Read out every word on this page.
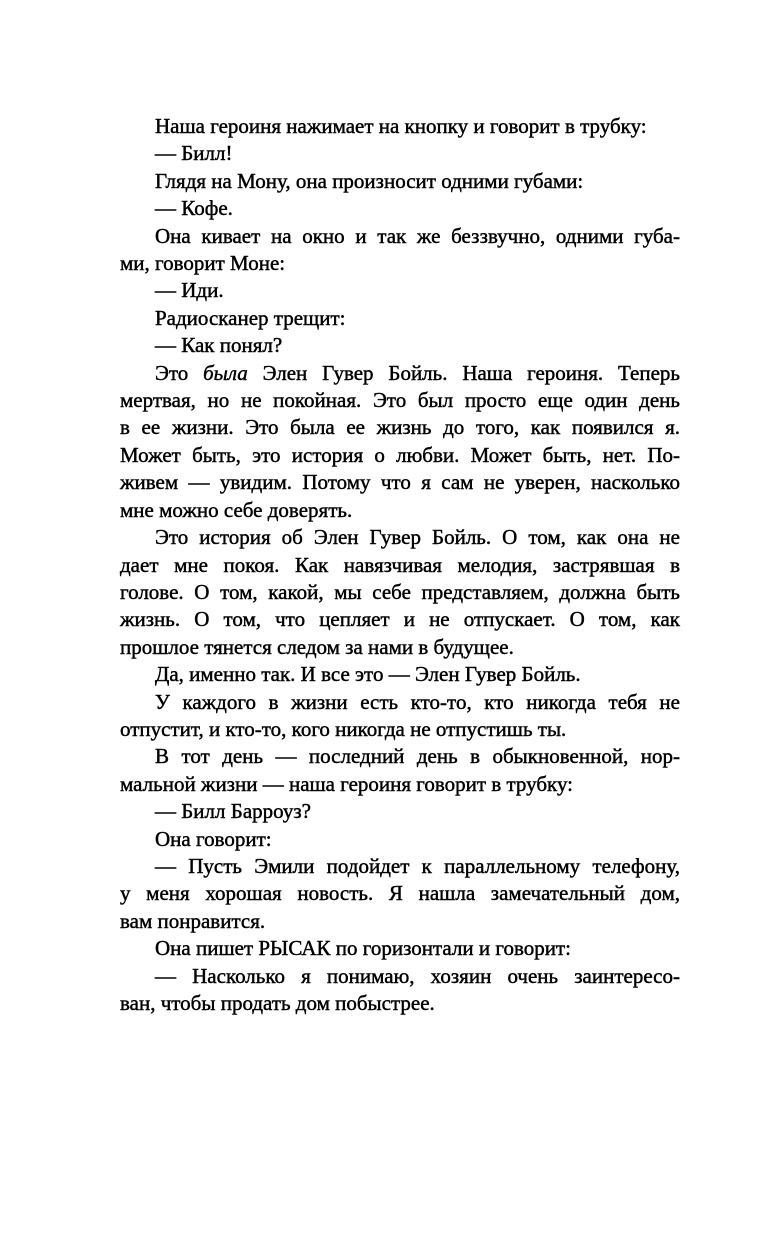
Наша героиня нажимает на кнопку и говорит в трубку:
— Билл!
Глядя на Мону, она произносит одними губами:
— Кофе.
Она кивает на окно и так же беззвучно, одними губа-
ми, говорит Моне:
— Иди.
Радиосканер трещит:
— Как понял?
Это была Элен Гувер Бойль. Наша героиня. Теперь
мертвая, но не покойная. Это был просто еще один день
в ее жизни. Это была ее жизнь до того, как появился я.
Может быть, это история о любви. Может быть, нет. По-
живем — увидим. Потому что я сам не уверен, насколько
мне можно себе доверять.
Это история об Элен Гувер Бойль. О том, как она не
дает мне покоя. Как навязчивая мелодия, застрявшая в
голове. О том, какой, мы себе представляем, должна быть
жизнь. О том, что цепляет и не отпускает. О том, как
прошлое тянется следом за нами в будущее.
Да, именно так. И все это — Элен Гувер Бойль.
У каждого в жизни есть кто-то, кто никогда тебя не
отпустит, и кто-то, кого никогда не отпустишь ты.
В тот день — последний день в обыкновенной, нор-
мальной жизни — наша героиня говорит в трубку:
— Билл Барроуз?
Она говорит:
— Пусть Эмили подойдет к параллельному телефону,
у меня хорошая новость. Я нашла замечательный дом,
вам понравится.
Она пишет РЫСАК по горизонтали и говорит:
— Насколько я понимаю, хозяин очень заинтересо-
ван, чтобы продать дом побыстрее.
